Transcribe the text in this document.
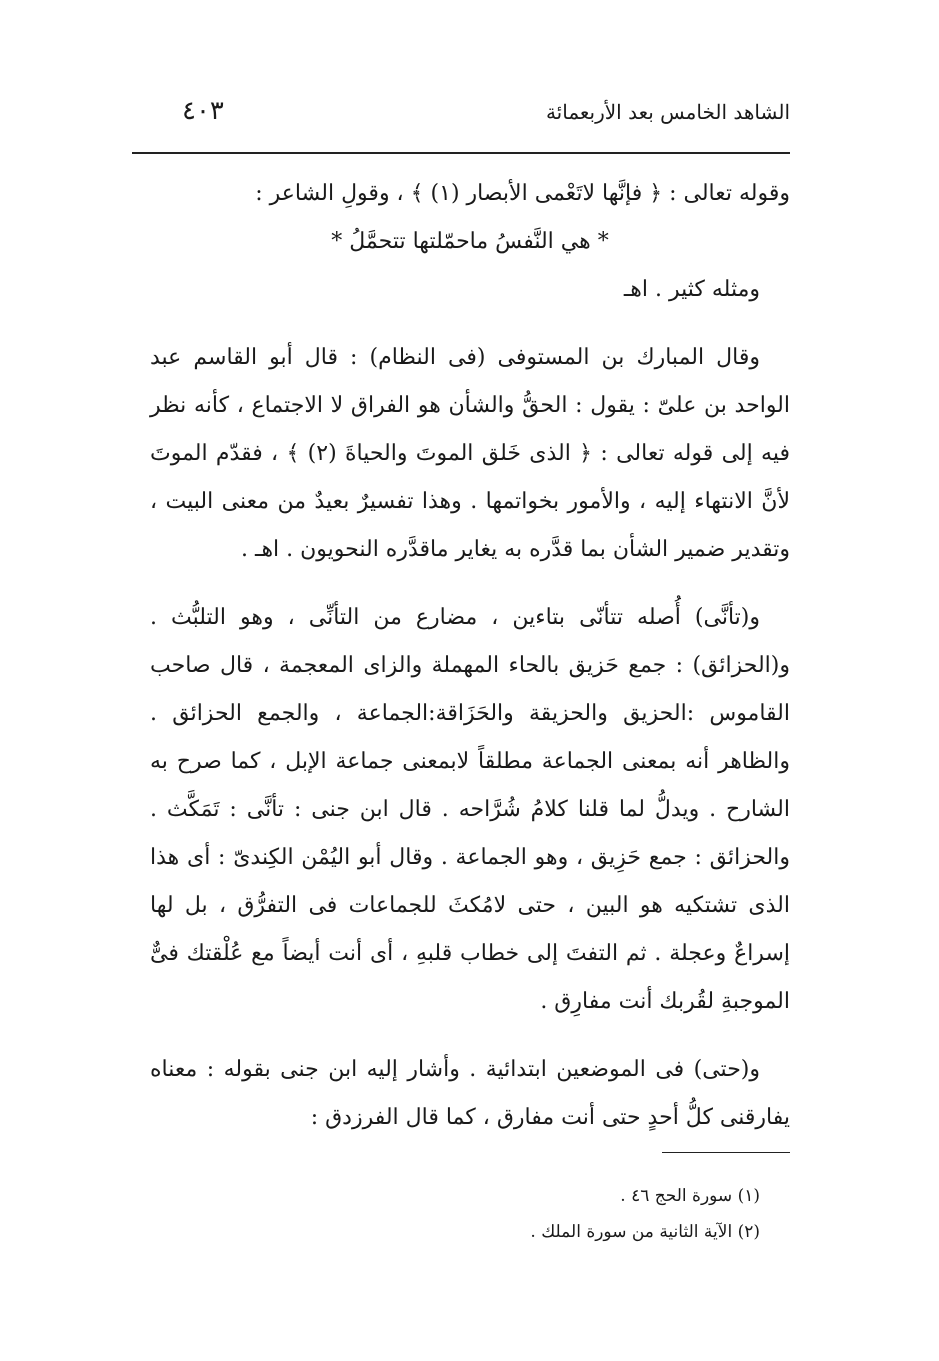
الشاهد الخامس بعد الأربعمائة
٤٠٣

وقوله تعالى : ﴿ فإنَّها لاتَعْمى الأبصار (١) ﴾ ، وقولِ الشاعر :

* هي النَّفسُ ماحمّلتها تتحمَّلُ *

ومثله كثير . اهـ

وقال المبارك بن المستوفى (فى النظام) : قال أبو القاسم عبد الواحد بن علىّ : يقول : الحقُّ والشأن هو الفراق لا الاجتماع ، كأنه نظر فيه إلى قوله تعالى : ﴿ الذى خَلق الموتَ والحياةَ (٢) ﴾ ، فقدّم الموتَ لأنَّ الانتهاء إليه ، والأمور بخواتمها . وهذا تفسيرٌ بعيدٌ من معنى البيت ، وتقدير ضمير الشأن بما قدَّره به يغاير ماقدَّره النحويون . اهـ .

و(تأنَّى) أُصله تتأنّى بتاءين ، مضارع من التأنِّى ، وهو التلبُّث . و(الحزائق) : جمع حَزيق بالحاء المهملة والزاى المعجمة ، قال صاحب القاموس :الحزيق والحزيقة والحَزَاقة:الجماعة ، والجمع الحزائق . والظاهر أنه بمعنى الجماعة مطلقاً لابمعنى جماعة الإبل ، كما صرح به الشارح . ويدلُّ لما قلنا كلامُ شُرَّاحه . قال ابن جنى : تأنَّى : تَمَكَّث . والحزائق : جمع حَزِيق ، وهو الجماعة . وقال أبو اليُمْن الكِندىّ : أى هذا الذى تشتكيه هو البين ، حتى لامُكثَ للجماعات فى التفرُّق ، بل لها إسراعٌ وعجلة . ثم التفتَ إلى خطاب قلبهِ ، أى أنت أيضاً مع عُلْقتك فىٌّ الموجبةِ لقُربك أنت مفارِق .

و(حتى) فى الموضعين ابتدائية . وأشار إليه ابن جنى بقوله : معناه يفارقنى كلُّ أحدٍ حتى أنت مفارق ، كما قال الفرزدق :

(١) سورة الحج ٤٦ .

(٢) الآية الثانية من سورة الملك .
